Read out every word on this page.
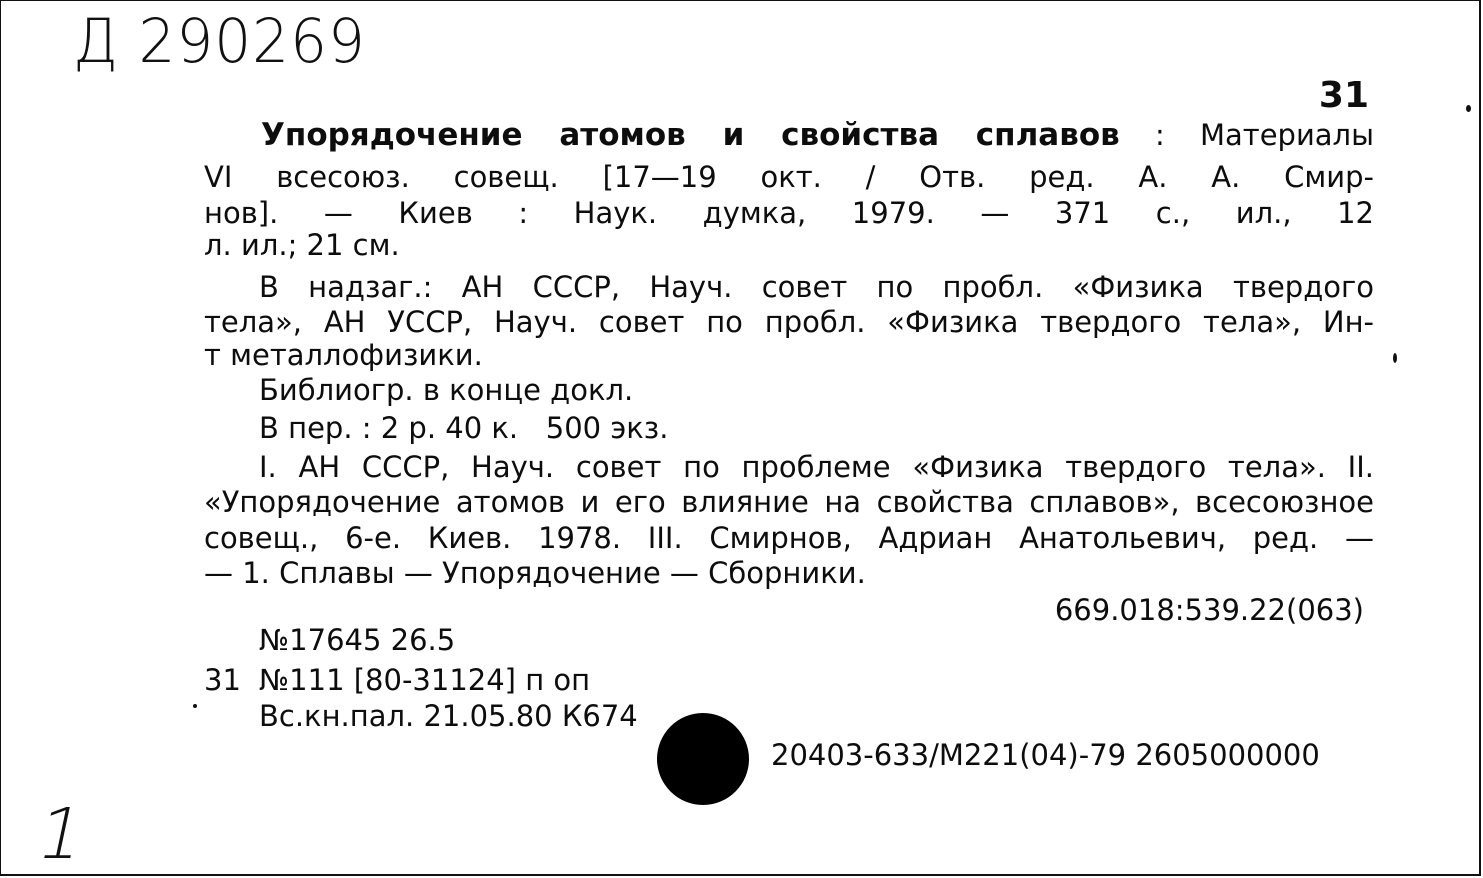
Д 290269
31
Упорядочение атомов и свойства сплавов : Материалы
VI всесоюз. совещ. [17—19 окт. / Отв. ред. А. А. Смир-
нов]. — Киев : Наук. думка, 1979. — 371 с., ил., 12
л. ил.; 21 см.
В надзаг.: АН СССР, Науч. совет по пробл. «Физика твердого
тела», АН УССР, Науч. совет по пробл. «Физика твердого тела», Ин-
т металлофизики.
Библиогр. в конце докл.
В пер. : 2 р. 40 к.   500 экз.
I. АН СССР, Науч. совет по проблеме «Физика твердого тела». II.
«Упорядочение атомов и его влияние на свойства сплавов», всесоюзное
совещ., 6-е. Киев. 1978. III. Смирнов, Адриан Анатольевич, ред. —
— 1. Сплавы — Упорядочение — Сборники.
669.018:539.22(063)
№17645 26.5
31 №111 [80-31124] п оп
Вс.кн.пал. 21.05.80 К674
20403-633/М221(04)-79 2605000000
1
